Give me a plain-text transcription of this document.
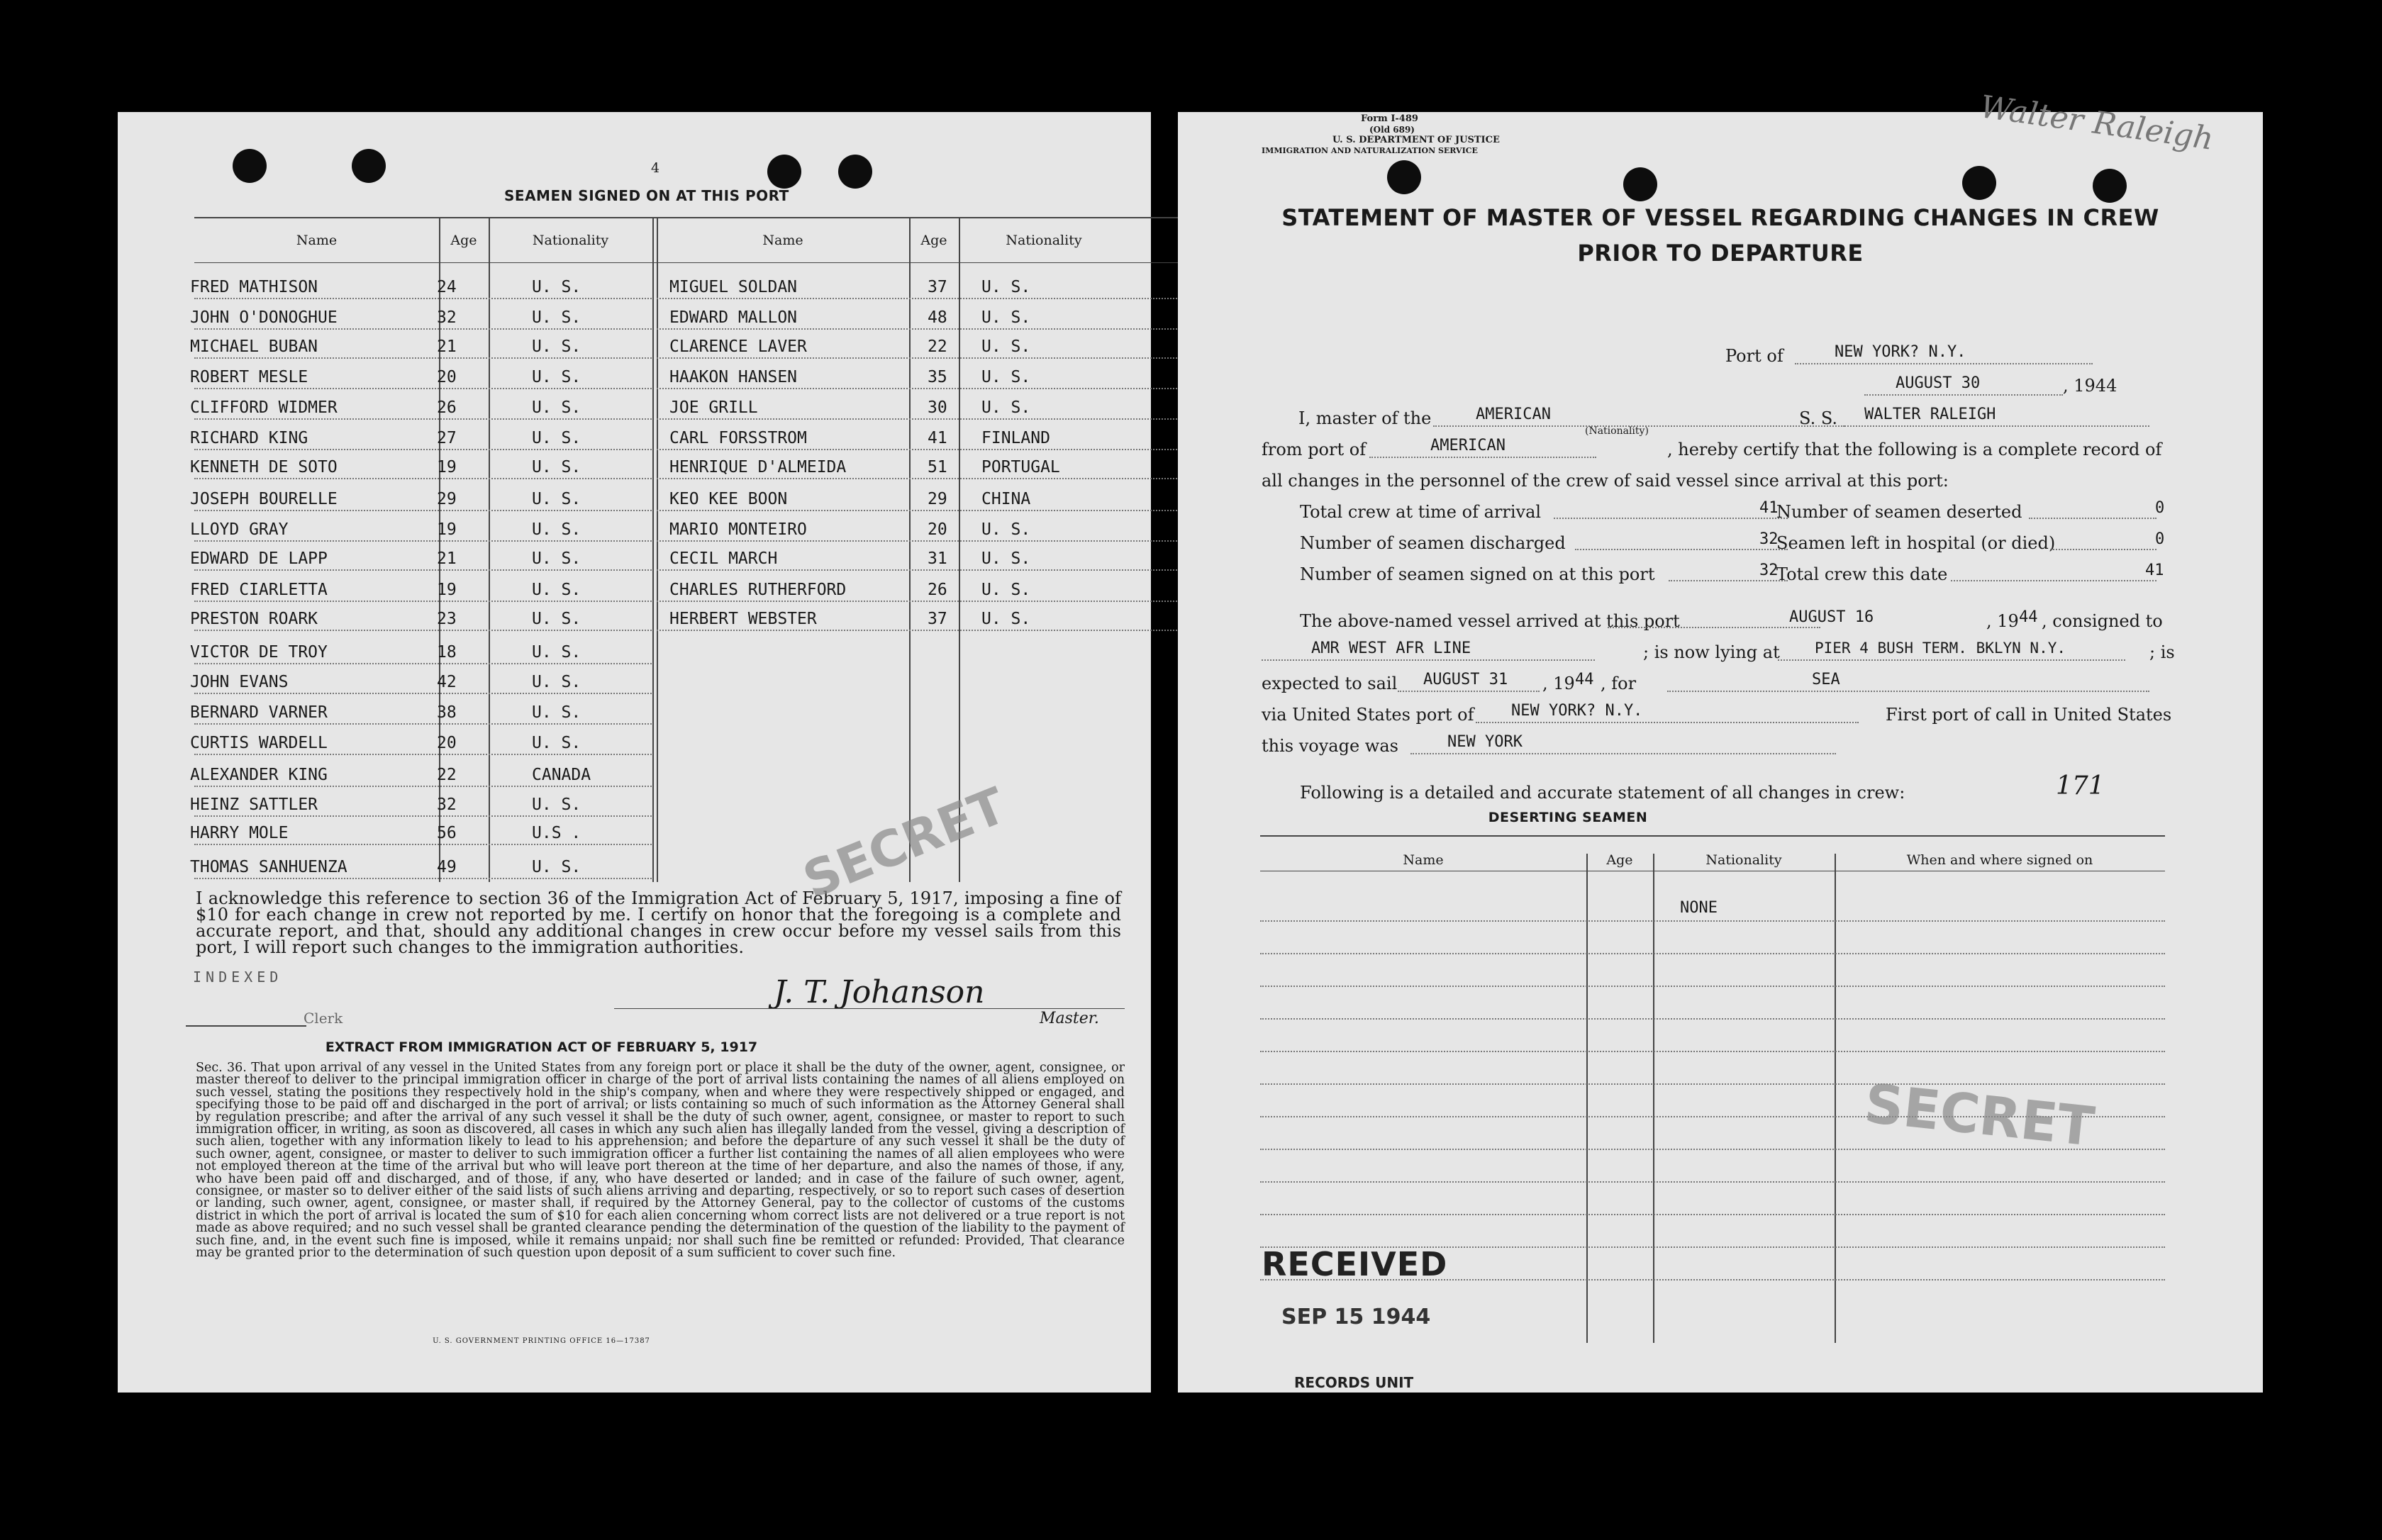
4
SEAMEN SIGNED ON AT THIS PORT
Name	Age	Nationality	Name	Age	Nationality
FRED MATHISON	24	U. S.
JOHN O'DONOGHUE	32	U. S.
MICHAEL BUBAN	21	U. S.
ROBERT MESLE	20	U. S.
CLIFFORD WIDMER	26	U. S.
RICHARD KING	27	U. S.
KENNETH DE SOTO	19	U. S.
JOSEPH BOURELLE	29	U. S.
LLOYD GRAY	19	U. S.
EDWARD DE LAPP	21	U. S.
FRED CIARLETTA	19	U. S.
PRESTON ROARK	23	U. S.
VICTOR DE TROY	18	U. S.
JOHN EVANS	42	U. S.
BERNARD VARNER	38	U. S.
CURTIS WARDELL	20	U. S.
ALEXANDER KING	22	CANADA
HEINZ SATTLER	32	U. S.
HARRY MOLE	56	U.S .
THOMAS SANHUENZA	49	U. S.
MIGUEL SOLDAN	37 U. S.
EDWARD MALLON	48 U. S.
CLARENCE LAVER	22 U. S.
HAAKON HANSEN	35 U. S.
JOE GRILL	30 U. S.
CARL FORSSTROM	41 FINLAND
HENRIQUE D'ALMEIDA	51 PORTUGAL
KEO KEE BOON	29 CHINA
MARIO MONTEIRO	20 U. S.
CECIL MARCH	31 U. S.
CHARLES RUTHERFORD	26 U. S.
HERBERT WEBSTER	37 U. S.
I acknowledge this reference to section 36 of the Immigration Act of February 5, 1917, imposing a fine of $10 for each change in crew not reported by me. I certify on honor that the foregoing is a complete and accurate report, and that, should any additional changes in crew occur before my vessel sails from this port, I will report such changes to the immigration authorities.
INDEXED
Clerk
J. T. Johanson
Master.
EXTRACT FROM IMMIGRATION ACT OF FEBRUARY 5, 1917
Sec. 36. That upon arrival of any vessel in the United States from any foreign port or place it shall be the duty of the owner, agent, consignee, or master thereof to deliver to the principal immigration officer in charge of the port of arrival lists containing the names of all aliens employed on such vessel, stating the positions they respectively hold in the ship's company, when and where they were respectively shipped or engaged, and specifying those to be paid off and discharged in the port of arrival; or lists containing so much of such information as the Attorney General shall by regulation prescribe; and after the arrival of any such vessel it shall be the duty of such owner, agent, consignee, or master to report to such immigration officer, in writing, as soon as discovered, all cases in which any such alien has illegally landed from the vessel, giving a description of such alien, together with any information likely to lead to his apprehension; and before the departure of any such vessel it shall be the duty of such owner, agent, consignee, or master to deliver to such immigration officer a further list containing the names of all alien employees who were not employed thereon at the time of the arrival but who will leave port thereon at the time of her departure, and also the names of those, if any, who have been paid off and discharged, and of those, if any, who have deserted or landed; and in case of the failure of such owner, agent, consignee, or master so to deliver either of the said lists of such aliens arriving and departing, respectively, or so to report such cases of desertion or landing, such owner, agent, consignee, or master shall, if required by the Attorney General, pay to the collector of customs of the customs district in which the port of arrival is located the sum of $10 for each alien concerning whom correct lists are not delivered or a true report is not made as above required; and no such vessel shall be granted clearance pending the determination of the question of the liability to the payment of such fine, and, in the event such fine is imposed, while it remains unpaid; nor shall such fine be remitted or refunded: Provided, That clearance may be granted prior to the determination of such question upon deposit of a sum sufficient to cover such fine.
U. S. GOVERNMENT PRINTING OFFICE 16—17387
SECRET
Form I-489
(Old 689)
U. S. DEPARTMENT OF JUSTICE
IMMIGRATION AND NATURALIZATION SERVICE	Walter Raleigh
STATEMENT OF MASTER OF VESSEL REGARDING CHANGES IN CREW
PRIOR TO DEPARTURE
Port of	NEW YORK? N.Y.
AUGUST 30	, 1944
I, master of the	AMERICAN
(Nationality)
S. S. WALTER RALEIGH
from port of	AMERICAN	, hereby certify that the following is a complete record of
all changes in the personnel of the crew of said vessel since arrival at this port:
Total crew at time of arrival	41
Number of seamen discharged	32
Number of seamen signed on at this port	32
Number of seamen deserted	0
Seamen left in hospital (or died)	0
Total crew this date	41
The above-named vessel arrived at this port	AUGUST 16	, 19 44 , consigned to
AMR WEST AFR LINE	; is now lying at PIER 4 BUSH TERM. BKLYN N.Y.	; is
expected to sail AUGUST 31 , 19 44 , for	SEA
via United States port of NEW YORK? N.Y.	First port of call in United States
this voyage was	NEW YORK
Following is a detailed and accurate statement of all changes in crew:	171
DESERTING SEAMEN
Name	Age	Nationality	When and where signed on
NONE
SECRET
RECEIVED
SEP 15 1944
RECORDS UNIT
